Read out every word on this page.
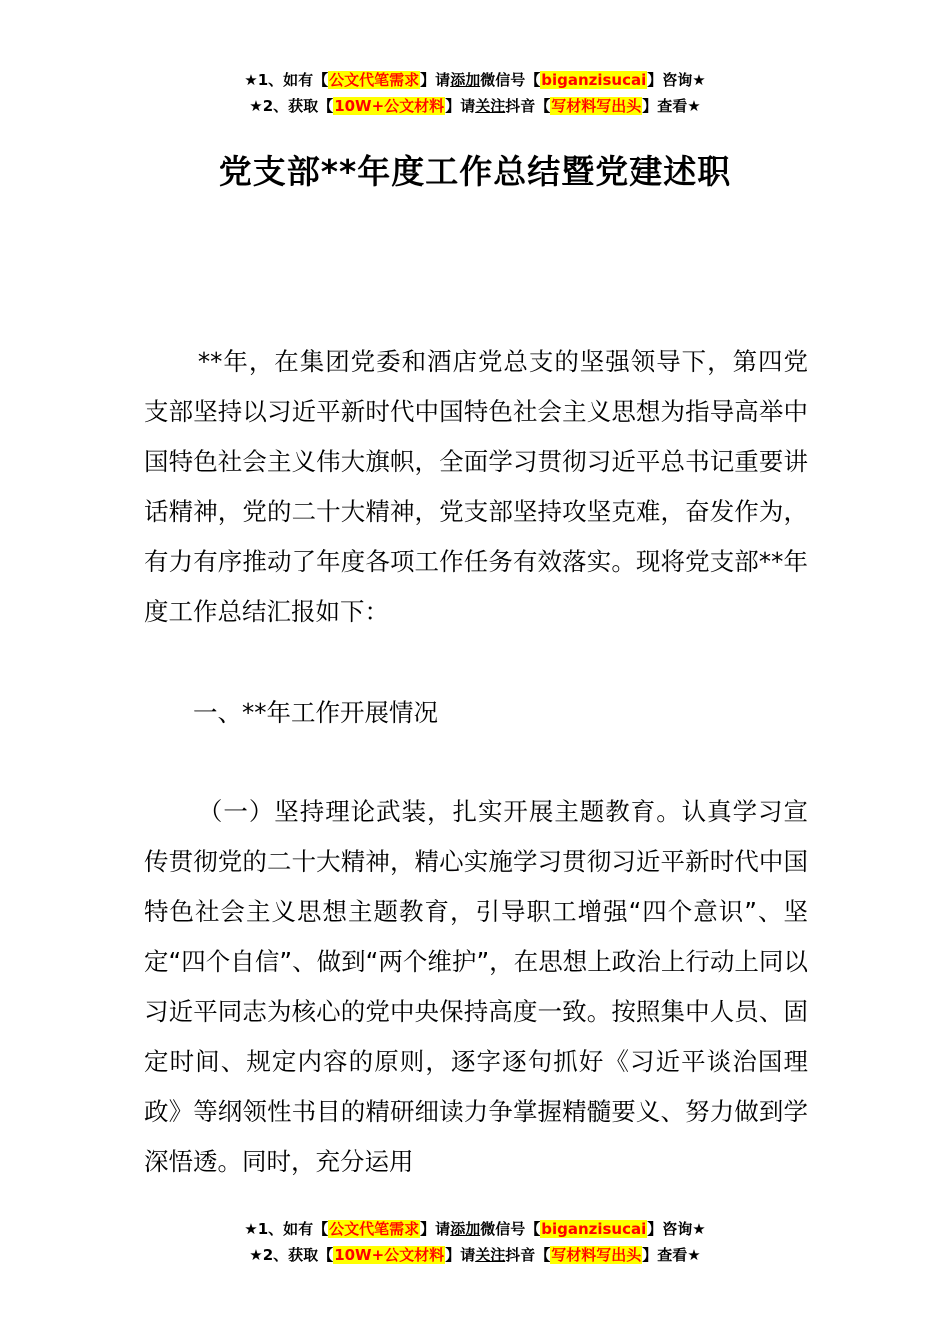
★1、如有【公文代笔需求】请添加微信号【biganzisucai】咨询★
★2、获取【10W+公文材料】请关注抖音【写材料写出头】查看★
党支部**年度工作总结暨党建述职

**年，在集团党委和酒店党总支的坚强领导下，第四党支部坚持以习近平新时代中国特色社会主义思想为指导高举中国特色社会主义伟大旗帜，全面学习贯彻习近平总书记重要讲话精神，党的二十大精神，党支部坚持攻坚克难，奋发作为，有力有序推动了年度各项工作任务有效落实。现将党支部**年度工作总结汇报如下：

一、**年工作开展情况

（一）坚持理论武装，扎实开展主题教育。认真学习宣传贯彻党的二十大精神，精心实施学习贯彻习近平新时代中国特色社会主义思想主题教育，引导职工增强“四个意识”、坚定“四个自信”、做到“两个维护”，在思想上政治上行动上同以习近平同志为核心的党中央保持高度一致。按照集中人员、固定时间、规定内容的原则，逐字逐句抓好《习近平谈治国理政》等纲领性书目的精研细读力争掌握精髓要义、努力做到学深悟透。同时，充分运用

★1、如有【公文代笔需求】请添加微信号【biganzisucai】咨询★
★2、获取【10W+公文材料】请关注抖音【写材料写出头】查看★
